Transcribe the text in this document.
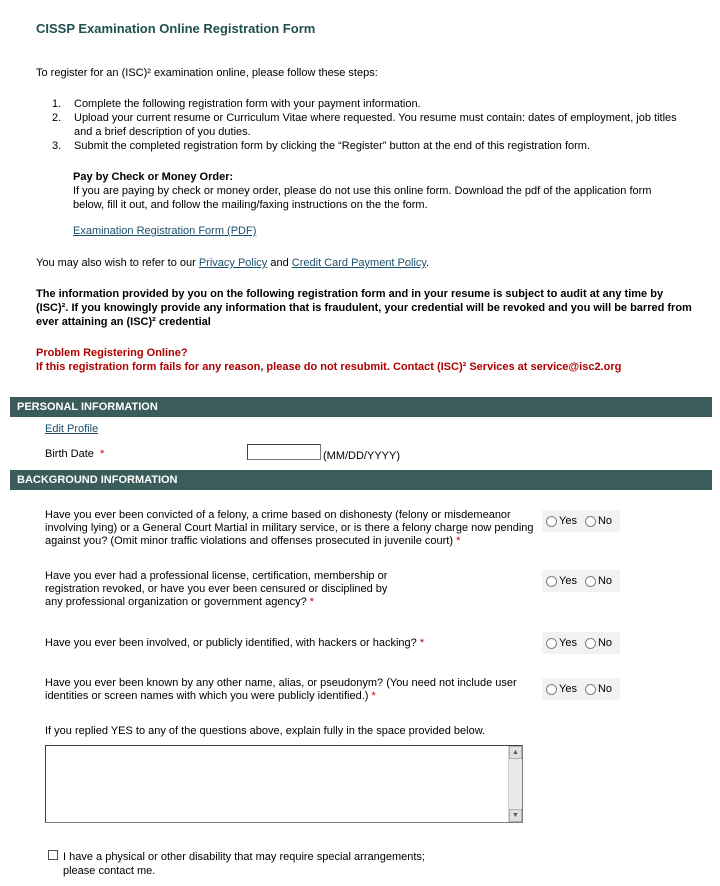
CISSP Examination Online Registration Form
To register for an (ISC)² examination online, please follow these steps:
1. Complete the following registration form with your payment information.
2. Upload your current resume or Curriculum Vitae where requested. You resume must contain: dates of employment, job titles and a brief description of you duties.
3. Submit the completed registration form by clicking the “Register” button at the end of this registration form.
Pay by Check or Money Order:
If you are paying by check or money order, please do not use this online form. Download the pdf of the application form below, fill it out, and follow the mailing/faxing instructions on the the form.
Examination Registration Form (PDF)
You may also wish to refer to our Privacy Policy and Credit Card Payment Policy.
The information provided by you on the following registration form and in your resume is subject to audit at any time by (ISC)². If you knowingly provide any information that is fraudulent, your credential will be revoked and you will be barred from ever attaining an (ISC)² credential
Problem Registering Online?
If this registration form fails for any reason, please do not resubmit. Contact (ISC)² Services at service@isc2.org
PERSONAL INFORMATION
Edit Profile
Birth Date *	(MM/DD/YYYY)
BACKGROUND INFORMATION
Have you ever been convicted of a felony, a crime based on dishonesty (felony or misdemeanor involving lying) or a General Court Martial in military service, or is there a felony charge now pending against you? (Omit minor traffic violations and offenses prosecuted in juvenile court) *
Yes No
Have you ever had a professional license, certification, membership or registration revoked, or have you ever been censured or disciplined by any professional organization or government agency? *
Yes No
Have you ever been involved, or publicly identified, with hackers or hacking? *	Yes No
Have you ever been known by any other name, alias, or pseudonym? (You need not include user identities or screen names with which you were publicly identified.) *
Yes No
If you replied YES to any of the questions above, explain fully in the space provided below.
▲
▼
I have a physical or other disability that may require special arrangements; please contact me.
